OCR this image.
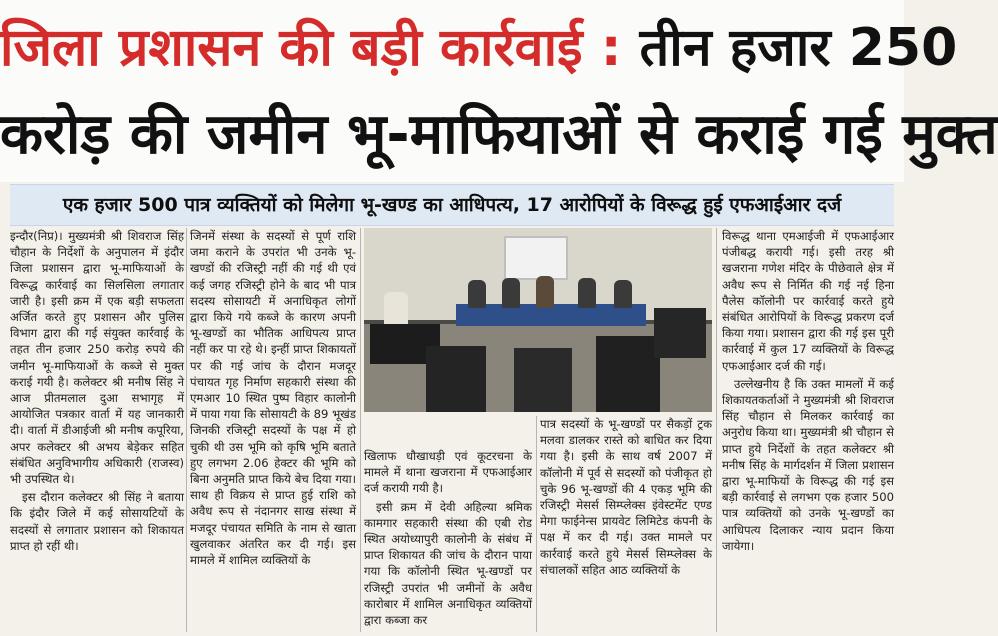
जिला प्रशासन की बड़ी कार्रवाई : तीन हजार 250
करोड़ की जमीन भू-माफियाओं से कराई गई मुक्त
एक हजार 500 पात्र व्यक्तियों को मिलेगा भू-खण्ड का आधिपत्य, 17 आरोपियों के विरूद्ध हुई एफआईआर दर्ज

इन्दौर(निप्र)। मुख्यमंत्री श्री शिवराज सिंह चौहान के निर्देशों के अनुपालन में इंदौर जिला प्रशासन द्वारा भू-माफियाओं के विरूद्ध कार्रवाई का सिलसिला लगातार जारी है। इसी क्रम में एक बड़ी सफलता अर्जित करते हुए प्रशासन और पुलिस विभाग द्वारा की गई संयुक्त कार्रवाई के तहत तीन हजार 250 करोड़ रुपये की जमीन भू-माफियाओं के कब्जे से मुक्त कराई गयी है। कलेक्टर श्री मनीष सिंह ने आज प्रीतमलाल दुआ सभागृह में आयोजित पत्रकार वार्ता में यह जानकारी दी। वार्ता में डीआईजी श्री मनीष कपूरिया, अपर कलेक्टर श्री अभय बेड़ेकर सहित संबंधित अनुविभागीय अधिकारी (राजस्व) भी उपस्थित थे।

इस दौरान कलेक्टर श्री सिंह ने बताया कि इंदौर जिले में कई सोसायटियों के सदस्यों से लगातार प्रशासन को शिकायत प्राप्त हो रहीं थी।

जिनमें संस्था के सदस्यों से पूर्ण राशि जमा कराने के उपरांत भी उनके भू-खण्डों की रजिस्ट्री नहीं की गई थी एवं कई जगह रजिस्ट्री होने के बाद भी पात्र सदस्य सोसायटी में अनाधिकृत लोगों द्वारा किये गये कब्जे के कारण अपनी भू-खण्डों का भौतिक आधिपत्य प्राप्त नहीं कर पा रहे थे। इन्हीं प्राप्त शिकायतों पर की गई जांच के दौरान मजदूर पंचायत गृह निर्माण सहकारी संस्था की एमआर 10 स्थित पुष्प विहार कालोनी में पाया गया कि सोसायटी के 89 भूखंड जिनकी रजिस्ट्री सदस्यों के पक्ष में हो चुकी थी उस भूमि को कृषि भूमि बताते हुए लगभग 2.06 हेक्टर की भूमि को बिना अनुमति प्राप्त किये बेच दिया गया। साथ ही विक्रय से प्राप्त हुई राशि को अवैध रूप से नंदानगर साख संस्था में मजदूर पंचायत समिति के नाम से खाता खुलवाकर अंतरित कर दी गई। इस मामले में शामिल व्यक्तियों के

खिलाफ धौखाधड़ी एवं कूटरचना के मामले में थाना खजराना में एफआईआर दर्ज करायी गयी है।

इसी क्रम में देवी अहिल्या श्रमिक कामगार सहकारी संस्था की एबी रोड स्थित अयोध्यापुरी कालोनी के संबंध में प्राप्त शिकायत की जांच के दौरान पाया गया कि कॉलोनी स्थित भू-खण्डों पर रजिस्ट्री उपरांत भी जमीनों के अवैध कारोबार में शामिल अनाधिकृत व्यक्तियों द्वारा कब्जा कर

पात्र सदस्यों के भू-खण्डों पर सैकड़ों ट्रक मलवा डालकर रास्ते को बाधित कर दिया गया है। इसी के साथ वर्ष 2007 में कॉलोनी में पूर्व से सदस्यों को पंजीकृत हो चुके 96 भू-खण्डों की 4 एकड़ भूमि की रजिस्ट्री मेसर्स सिम्प्लेक्स इंवेस्टमेंट एण्ड मेगा फाईनेन्स प्रायवेट लिमिटेड कंपनी के पक्ष में कर दी गई। उक्त मामले पर कार्रवाई करते हुये मेसर्स सिम्प्लेक्स के संचालकों सहित आठ व्यक्तियों के

विरूद्ध थाना एमआईजी में एफआईआर पंजीबद्ध करायी गई। इसी तरह श्री खजराना गणेश मंदिर के पीछेवाले क्षेत्र में अवैध रूप से निर्मित की गई नई हिना पैलेस कॉलोनी पर कार्रवाई करते हुये संबंधित आरोपियों के विरूद्ध प्रकरण दर्ज किया गया। प्रशासन द्वारा की गई इस पूरी कार्रवाई में कुल 17 व्यक्तियों के विरूद्ध एफआईआर दर्ज की गई।

उल्लेखनीय है कि उक्त मामलों में कई शिकायतकर्ताओं ने मुख्यमंत्री श्री शिवराज सिंह चौहान से मिलकर कार्रवाई का अनुरोध किया था। मुख्यमंत्री श्री चौहान से प्राप्त हुये निर्देशों के तहत कलेक्टर श्री मनीष सिंह के मार्गदर्शन में जिला प्रशासन द्वारा भू-माफियों के विरूद्ध की गई इस बड़ी कार्रवाई से लगभग एक हजार 500 पात्र व्यक्तियों को उनके भू-खण्डों का आधिपत्य दिलाकर न्याय प्रदान किया जायेगा।
